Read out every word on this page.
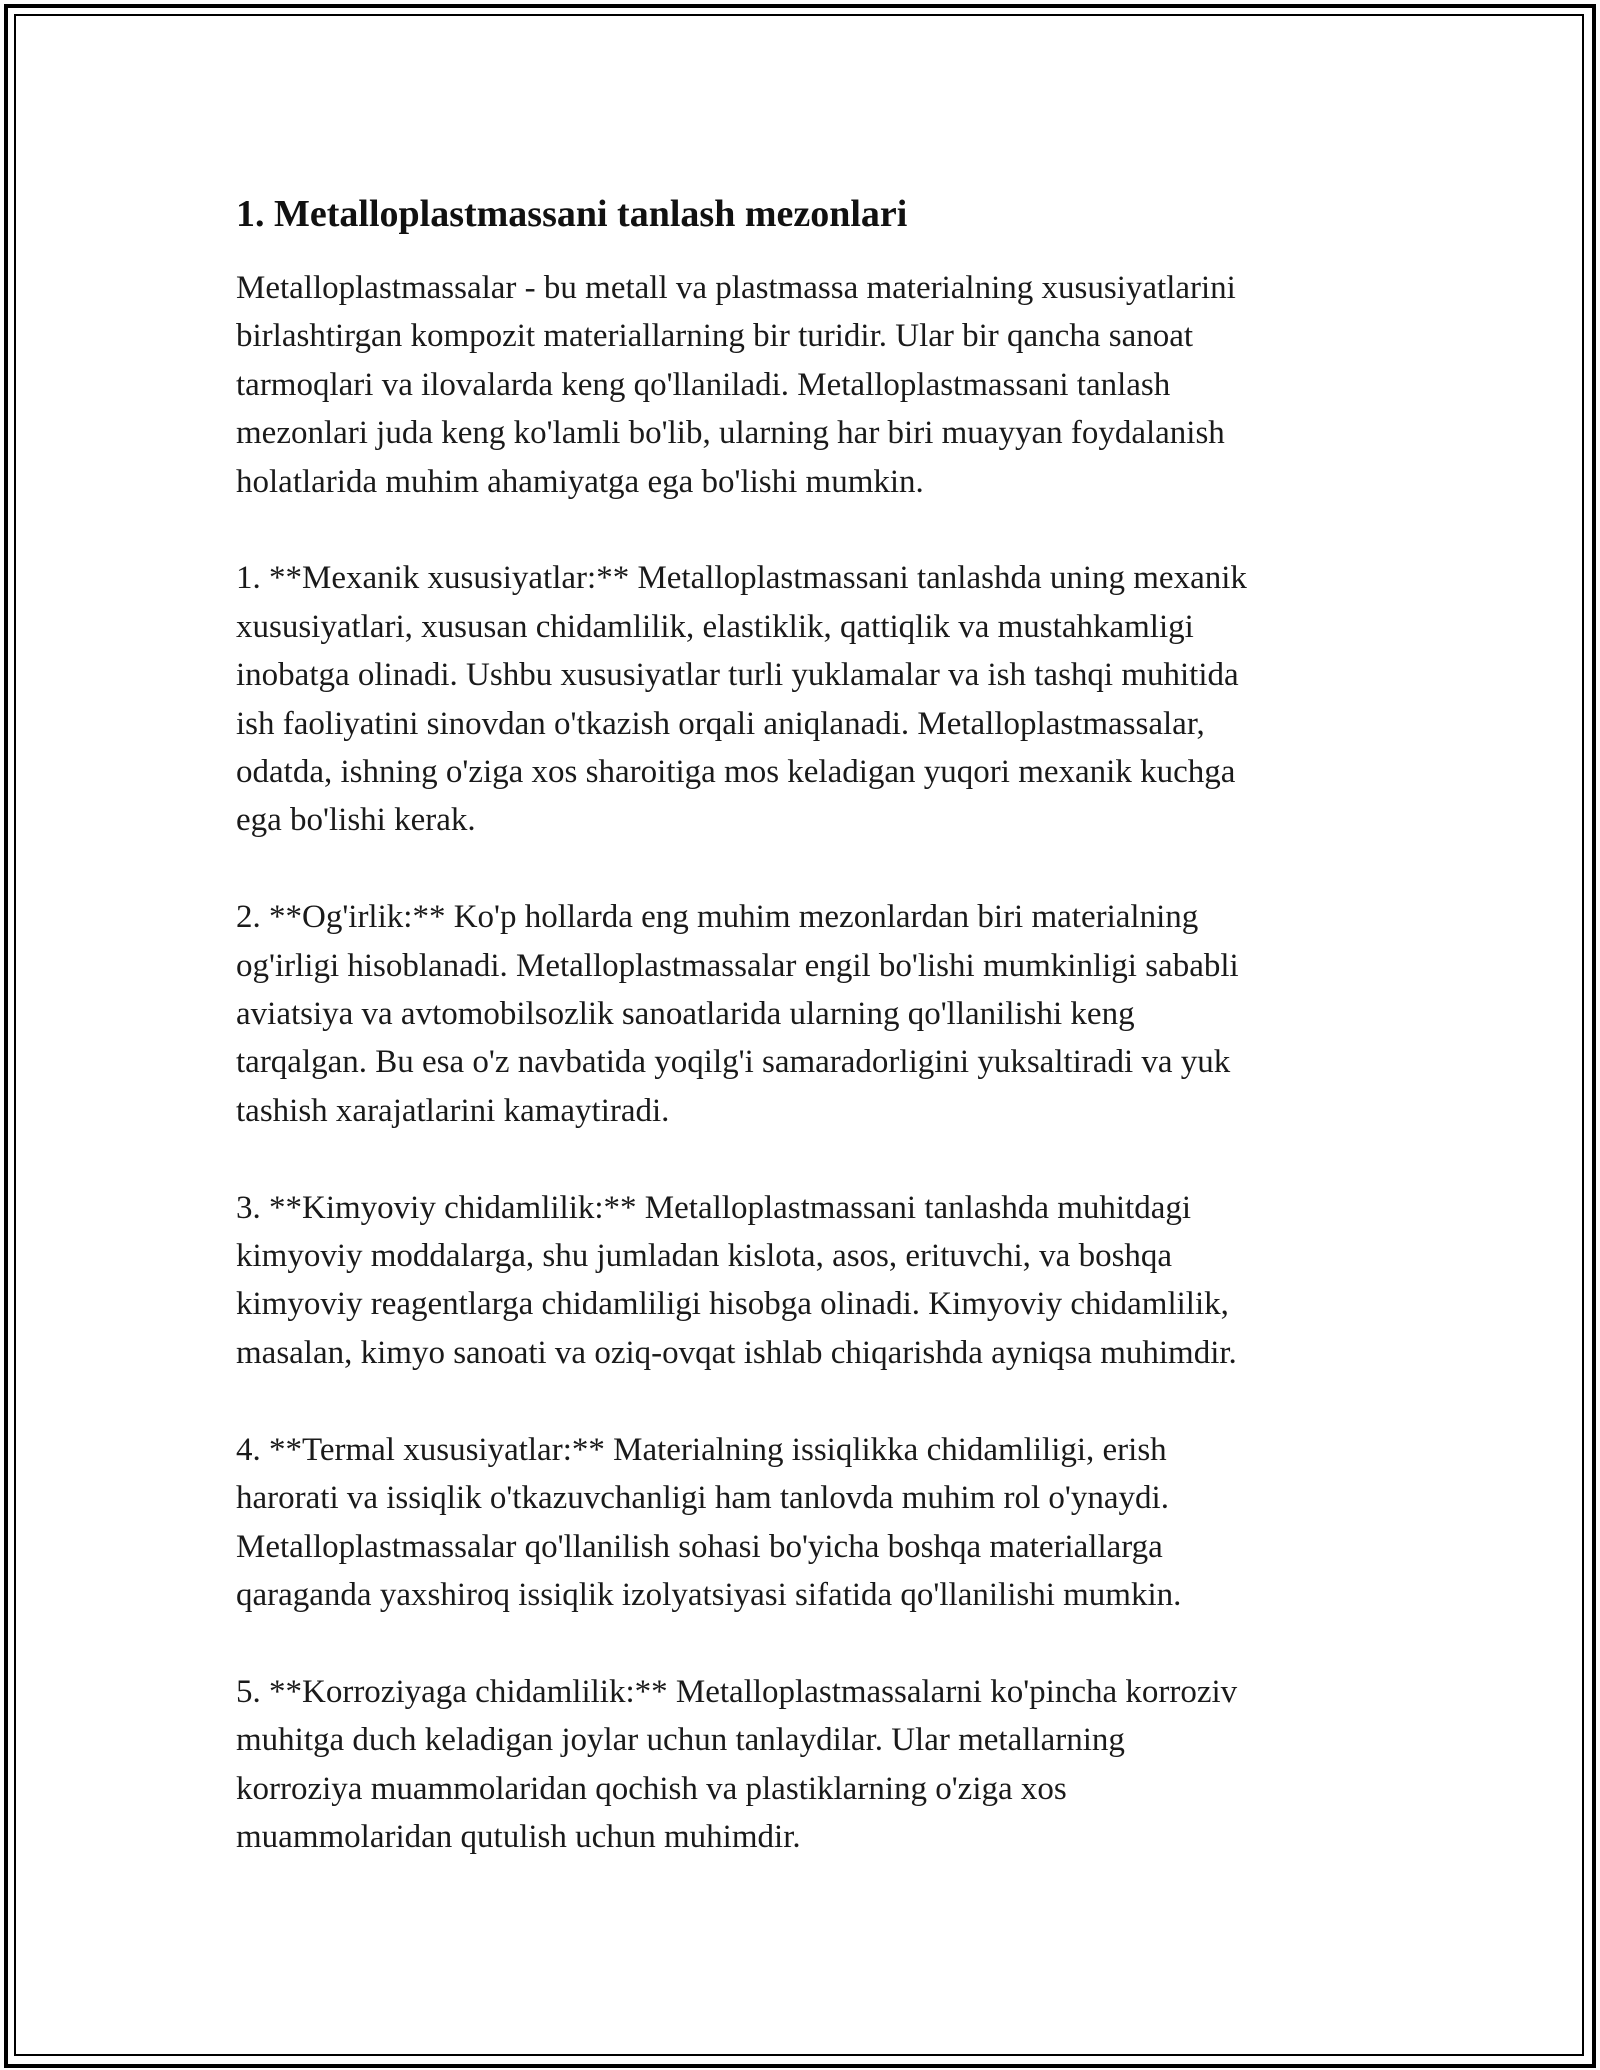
1. Metalloplastmassani tanlash mezonlari
Metalloplastmassalar - bu metall va plastmassa materialning xususiyatlarini
birlashtirgan kompozit materiallarning bir turidir. Ular bir qancha sanoat
tarmoqlari va ilovalarda keng qo'llaniladi. Metalloplastmassani tanlash
mezonlari juda keng ko'lamli bo'lib, ularning har biri muayyan foydalanish
holatlarida muhim ahamiyatga ega bo'lishi mumkin.
1. **Mexanik xususiyatlar:** Metalloplastmassani tanlashda uning mexanik
xususiyatlari, xususan chidamlilik, elastiklik, qattiqlik va mustahkamligi
inobatga olinadi. Ushbu xususiyatlar turli yuklamalar va ish tashqi muhitida
ish faoliyatini sinovdan o'tkazish orqali aniqlanadi. Metalloplastmassalar,
odatda, ishning o'ziga xos sharoitiga mos keladigan yuqori mexanik kuchga
ega bo'lishi kerak.
2. **Og'irlik:** Ko'p hollarda eng muhim mezonlardan biri materialning
og'irligi hisoblanadi. Metalloplastmassalar engil bo'lishi mumkinligi sababli
aviatsiya va avtomobilsozlik sanoatlarida ularning qo'llanilishi keng
tarqalgan. Bu esa o'z navbatida yoqilg'i samaradorligini yuksaltiradi va yuk
tashish xarajatlarini kamaytiradi.
3. **Kimyoviy chidamlilik:** Metalloplastmassani tanlashda muhitdagi
kimyoviy moddalarga, shu jumladan kislota, asos, erituvchi, va boshqa
kimyoviy reagentlarga chidamliligi hisobga olinadi. Kimyoviy chidamlilik,
masalan, kimyo sanoati va oziq-ovqat ishlab chiqarishda ayniqsa muhimdir.
4. **Termal xususiyatlar:** Materialning issiqlikka chidamliligi, erish
harorati va issiqlik o'tkazuvchanligi ham tanlovda muhim rol o'ynaydi.
Metalloplastmassalar qo'llanilish sohasi bo'yicha boshqa materiallarga
qaraganda yaxshiroq issiqlik izolyatsiyasi sifatida qo'llanilishi mumkin.
5. **Korroziyaga chidamlilik:** Metalloplastmassalarni ko'pincha korroziv
muhitga duch keladigan joylar uchun tanlaydilar. Ular metallarning
korroziya muammolaridan qochish va plastiklarning o'ziga xos
muammolaridan qutulish uchun muhimdir.
